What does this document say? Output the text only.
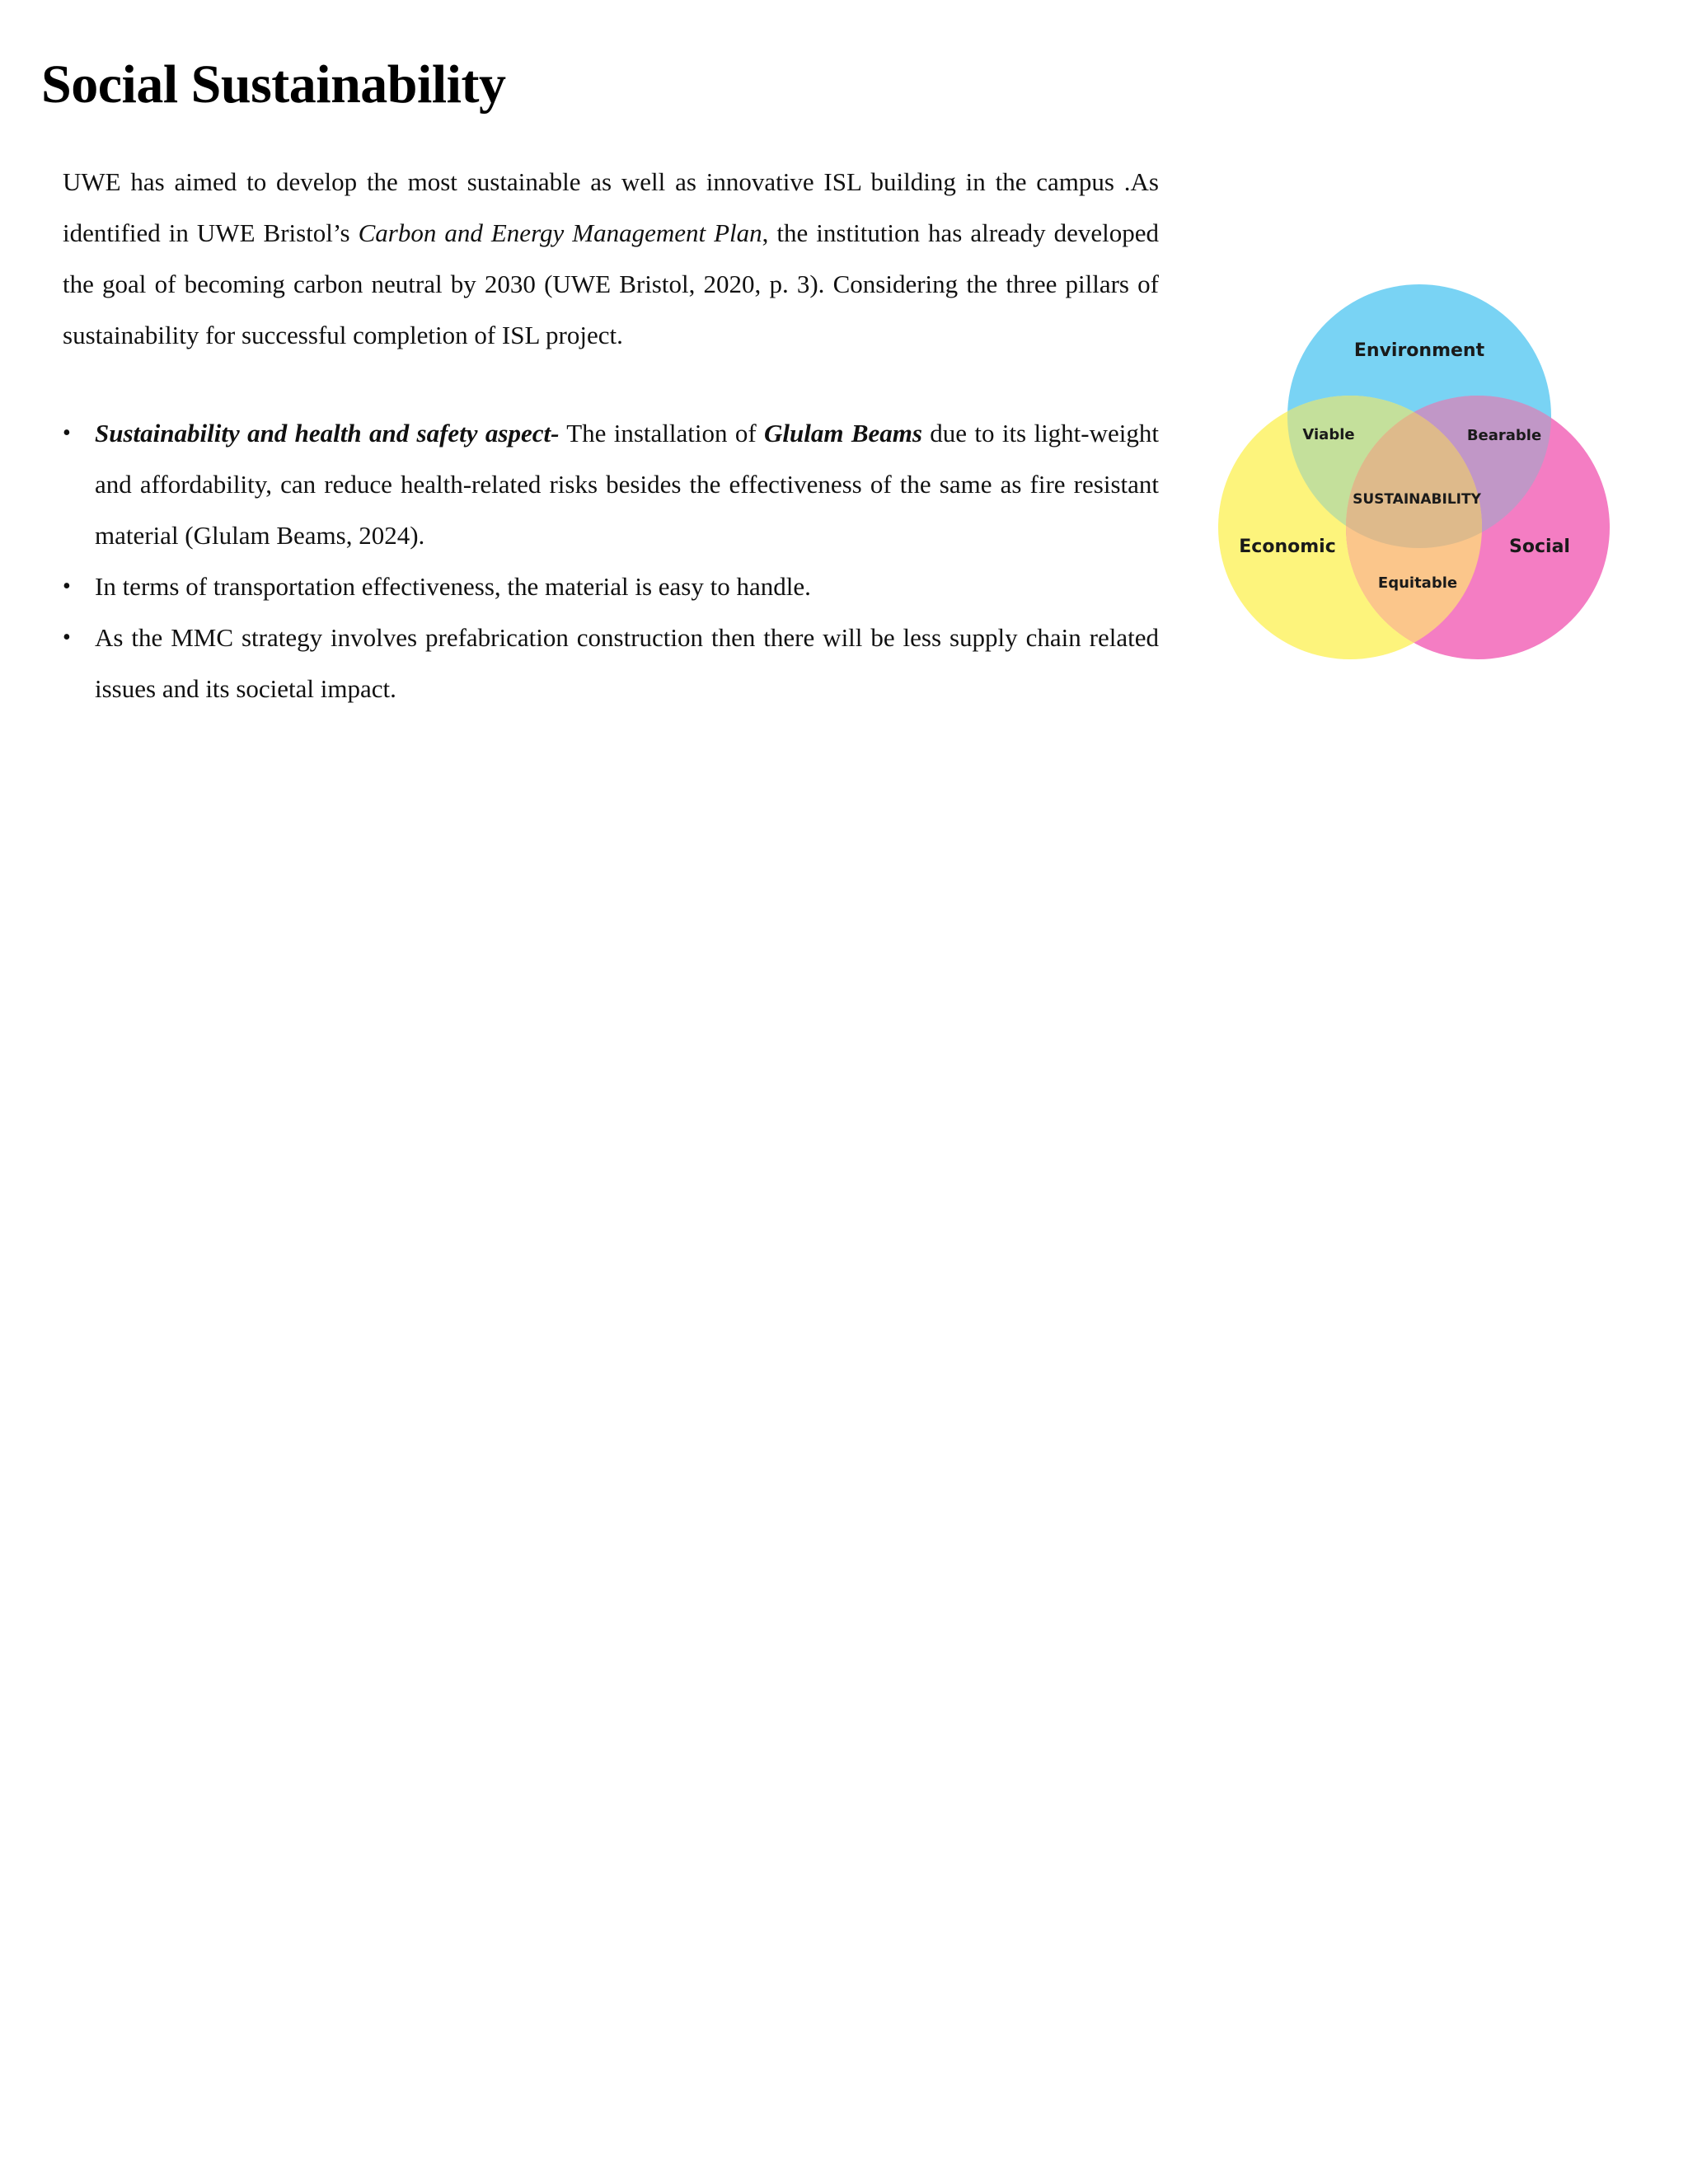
Social Sustainability

UWE has aimed to develop the most sustainable as well as innovative ISL building in the campus .As identified in UWE Bristol’s Carbon and Energy Management Plan, the institution has already developed the goal of becoming carbon neutral by 2030 (UWE Bristol, 2020, p. 3). Considering the three pillars of sustainability for successful completion of ISL project.

• Sustainability and health and safety aspect- The installation of Glulam Beams due to its light-weight and affordability, can reduce health-related risks besides the effectiveness of the same as fire resistant material (Glulam Beams, 2024).
• In terms of transportation effectiveness, the material is easy to handle.
• As the MMC strategy involves prefabrication construction then there will be less supply chain related issues and its societal impact.
Environment
Economic	Social
Viable	Bearable
SUSTAINABILITY
Equitable
